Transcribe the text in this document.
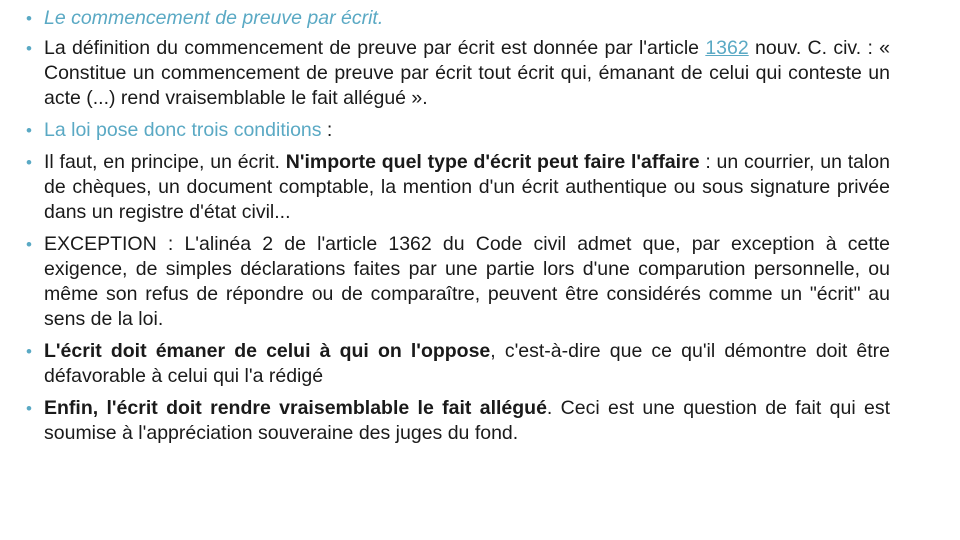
• Le commencement de preuve par écrit.
• La définition du commencement de preuve par écrit est donnée par l'article 1362 nouv. C. civ. : « Constitue un commencement de preuve par écrit tout écrit qui, émanant de celui qui conteste un acte (...) rend vraisemblable le fait allégué ».
• La loi pose donc trois conditions :
• Il faut, en principe, un écrit. N'importe quel type d'écrit peut faire l'affaire : un courrier, un talon de chèques, un document comptable, la mention d'un écrit authentique ou sous signature privée dans un registre d'état civil...
• EXCEPTION : L'alinéa 2 de l'article 1362 du Code civil admet que, par exception à cette exigence, de simples déclarations faites par une partie lors d'une comparution personnelle, ou même son refus de répondre ou de comparaître, peuvent être considérés comme un "écrit" au sens de la loi.
• L'écrit doit émaner de celui à qui on l'oppose, c'est-à-dire que ce qu'il démontre doit être défavorable à celui qui l'a rédigé
• Enfin, l'écrit doit rendre vraisemblable le fait allégué. Ceci est une question de fait qui est soumise à l'appréciation souveraine des juges du fond.
